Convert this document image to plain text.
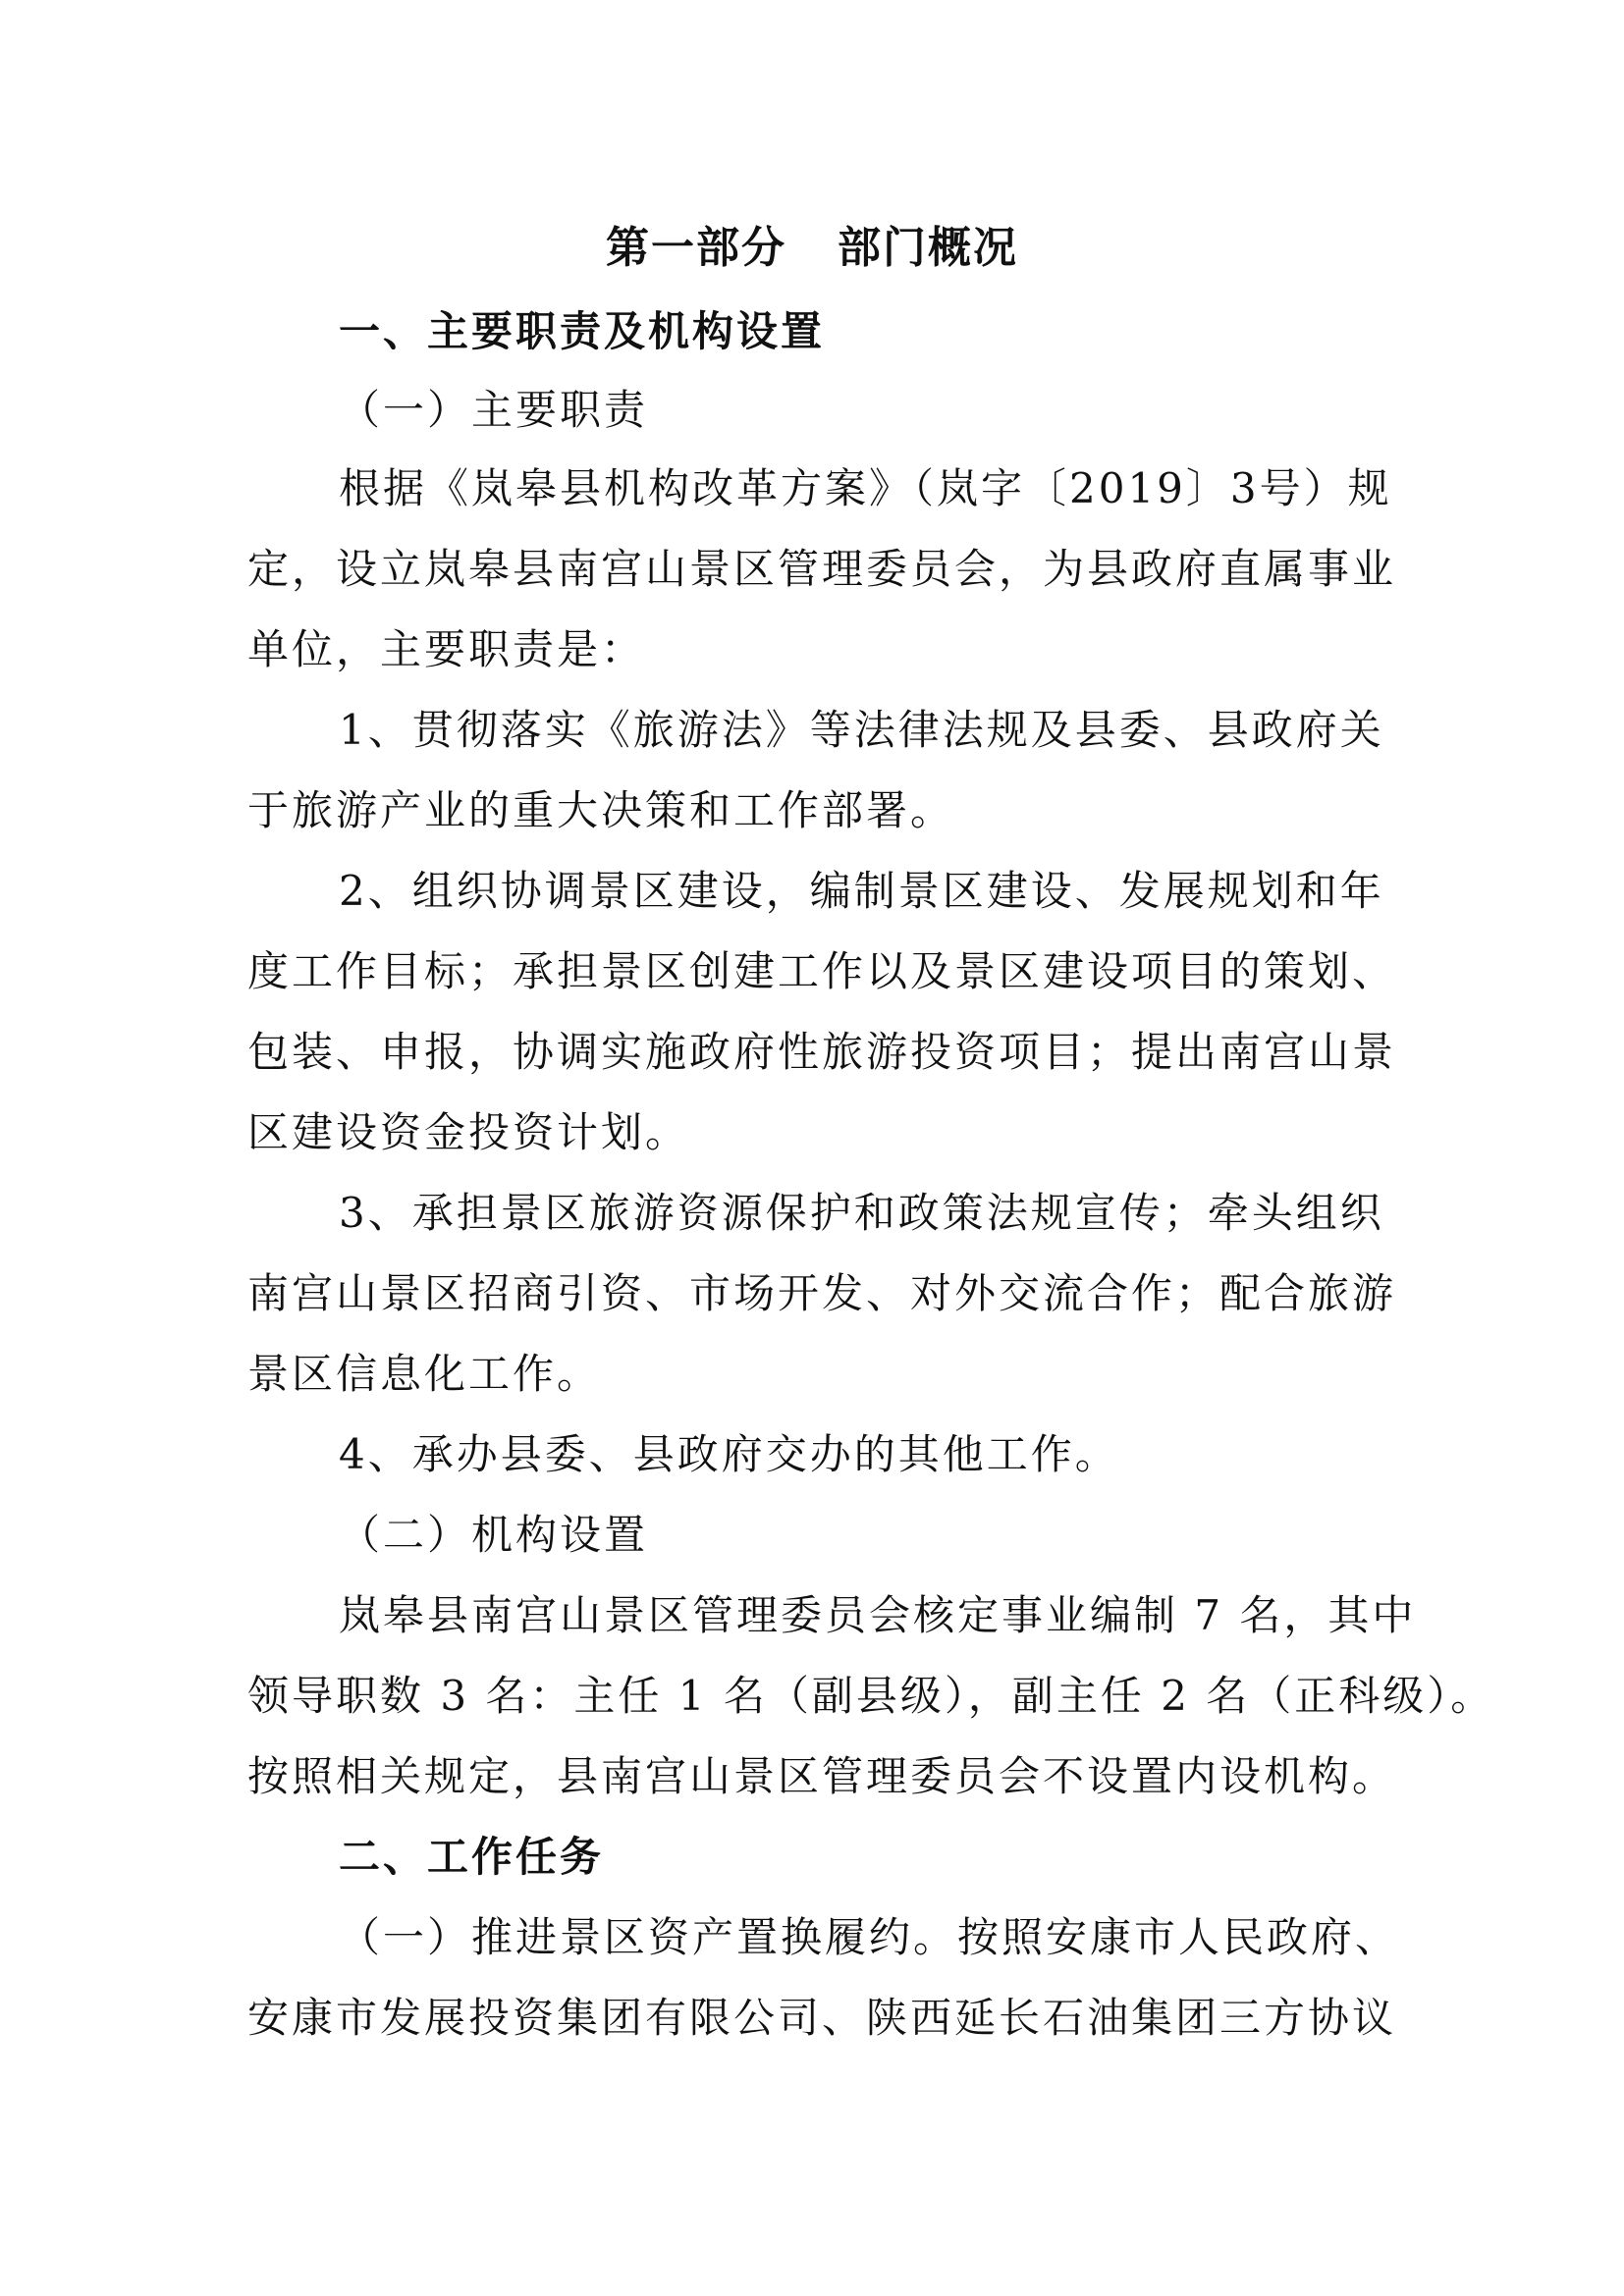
第一部分 部门概况

一、主要职责及机构设置

（一）主要职责

根据《岚皋县机构改革方案》（岚字〔2019〕3号）规

定，设立岚皋县南宫山景区管理委员会，为县政府直属事业

单位，主要职责是：

1、贯彻落实《旅游法》等法律法规及县委、县政府关

于旅游产业的重大决策和工作部署。

2、组织协调景区建设，编制景区建设、发展规划和年

度工作目标；承担景区创建工作以及景区建设项目的策划、

包装、申报，协调实施政府性旅游投资项目；提出南宫山景

区建设资金投资计划。

3、承担景区旅游资源保护和政策法规宣传；牵头组织

南宫山景区招商引资、市场开发、对外交流合作；配合旅游

景区信息化工作。

4、承办县委、县政府交办的其他工作。

（二）机构设置

岚皋县南宫山景区管理委员会核定事业编制 7 名，其中

领导职数 3 名：主任 1 名（副县级），副主任 2 名（正科级）。

按照相关规定，县南宫山景区管理委员会不设置内设机构。

二、工作任务

（一）推进景区资产置换履约。按照安康市人民政府、

安康市发展投资集团有限公司、陕西延长石油集团三方协议
